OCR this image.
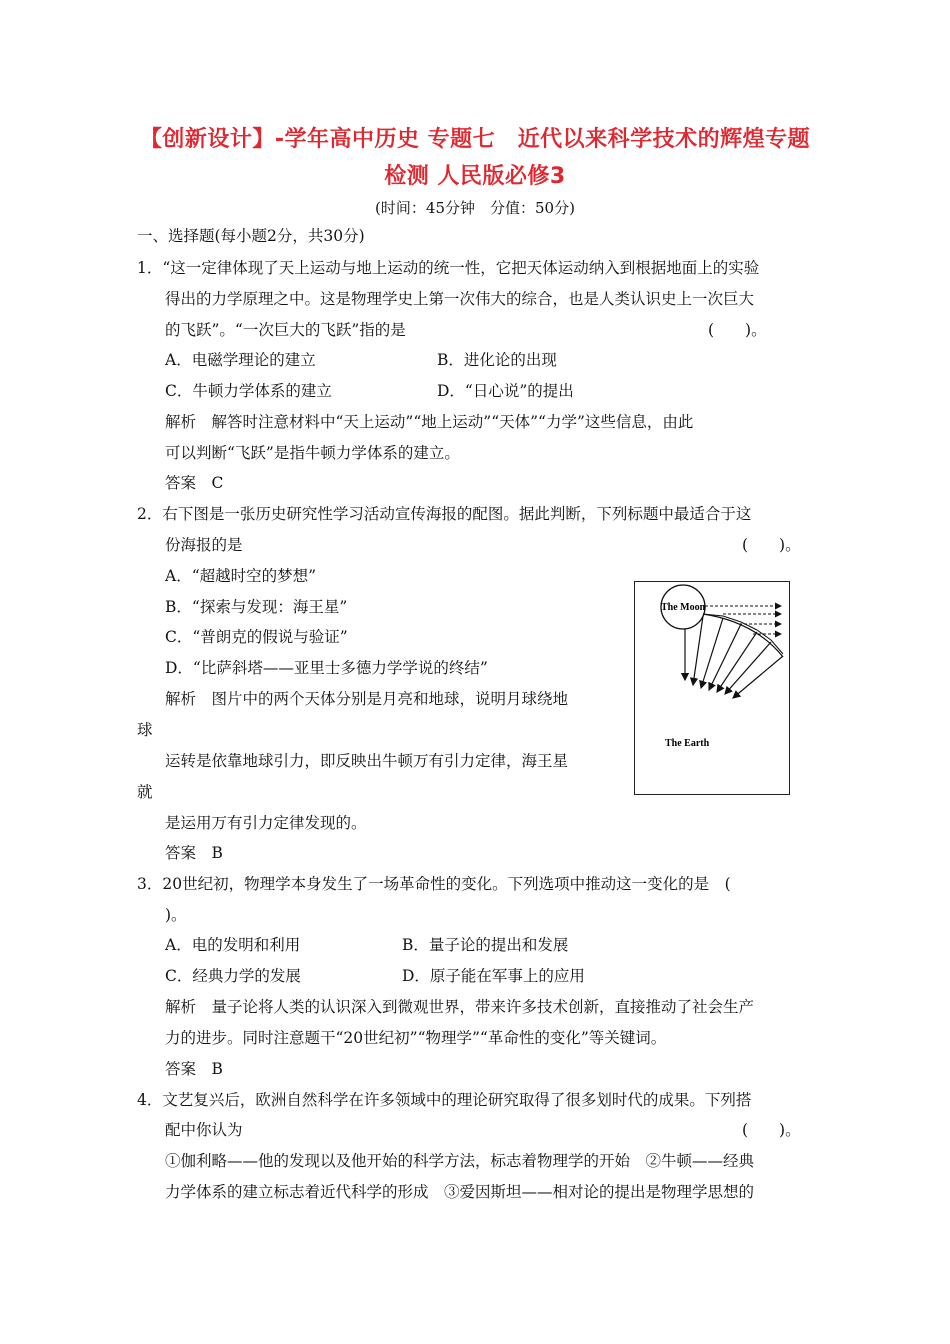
【创新设计】-学年高中历史 专题七　近代以来科学技术的辉煌专题
检测 人民版必修3
(时间：45分钟　分值：50分)
一、选择题(每小题2分，共30分)
1．“这一定律体现了天上运动与地上运动的统一性，它把天体运动纳入到根据地面上的实验
得出的力学原理之中。这是物理学史上第一次伟大的综合，也是人类认识史上一次巨大
的飞跃”。“一次巨大的飞跃”指的是	(　　)。
A．电磁学理论的建立	B．进化论的出现
C．牛顿力学体系的建立	D．“日心说”的提出
解析　解答时注意材料中“天上运动”“地上运动”“天体”“力学”这些信息，由此
可以判断“飞跃”是指牛顿力学体系的建立。
答案　C
2．右下图是一张历史研究性学习活动宣传海报的配图。据此判断，下列标题中最适合于这
份海报的是	(　　)。
A．“超越时空的梦想”
B．“探索与发现：海王星”
C．“普朗克的假说与验证”
D．“比萨斜塔——亚里士多德力学学说的终结”
解析　图片中的两个天体分别是月亮和地球，说明月球绕地
球
运转是依靠地球引力，即反映出牛顿万有引力定律，海王星
就
是运用万有引力定律发现的。
答案　B
The Moon
The Earth
3．20世纪初，物理学本身发生了一场革命性的变化。下列选项中推动这一变化的是　(
)。
A．电的发明和利用	B．量子论的提出和发展
C．经典力学的发展	D．原子能在军事上的应用
解析　量子论将人类的认识深入到微观世界，带来许多技术创新，直接推动了社会生产
力的进步。同时注意题干“20世纪初”“物理学”“革命性的变化”等关键词。
答案　B
4．文艺复兴后，欧洲自然科学在许多领域中的理论研究取得了很多划时代的成果。下列搭
配中你认为	(　　)。
①伽利略——他的发现以及他开始的科学方法，标志着物理学的开始　②牛顿——经典
力学体系的建立标志着近代科学的形成　③爱因斯坦——相对论的提出是物理学思想的
